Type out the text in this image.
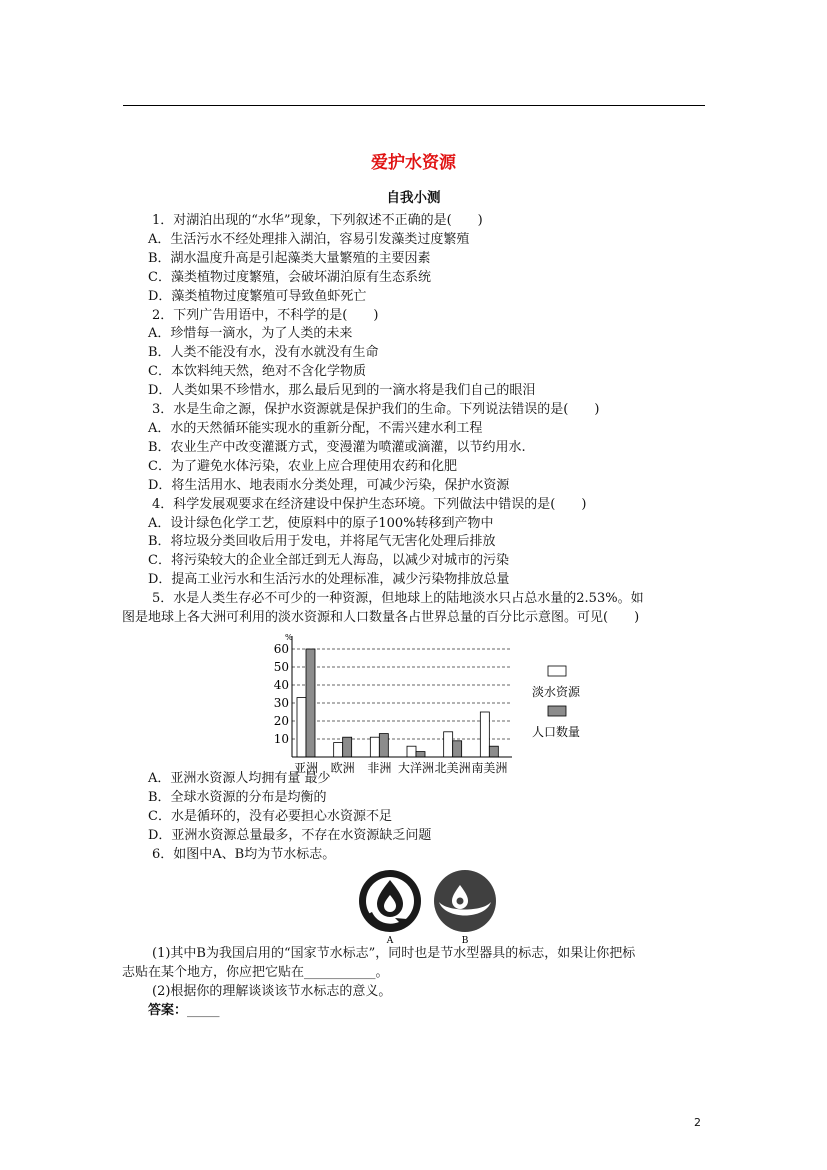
爱护水资源
自我小测
1．对湖泊出现的“水华”现象，下列叙述不正确的是(　　)
A．生活污水不经处理排入湖泊，容易引发藻类过度繁殖
B．湖水温度升高是引起藻类大量繁殖的主要因素
C．藻类植物过度繁殖，会破坏湖泊原有生态系统
D．藻类植物过度繁殖可导致鱼虾死亡
2．下列广告用语中，不科学的是(　　)
A．珍惜每一滴水，为了人类的未来
B．人类不能没有水，没有水就没有生命
C．本饮料纯天然，绝对不含化学物质
D．人类如果不珍惜水，那么最后见到的一滴水将是我们自己的眼泪
3．水是生命之源，保护水资源就是保护我们的生命。下列说法错误的是(　　)
A．水的天然循环能实现水的重新分配，不需兴建水利工程
B．农业生产中改变灌溉方式，变漫灌为喷灌或滴灌，以节约用水.
C．为了避免水体污染，农业上应合理使用农药和化肥
D．将生活用水、地表雨水分类处理，可减少污染，保护水资源
4．科学发展观要求在经济建设中保护生态环境。下列做法中错误的是(　　)
A．设计绿色化学工艺，使原料中的原子100%转移到产物中
B．将垃圾分类回收后用于发电，并将尾气无害化处理后排放
C．将污染较大的企业全部迁到无人海岛，以减少对城市的污染
D．提高工业污水和生活污水的处理标准，减少污染物排放总量
5．水是人类生存必不可少的一种资源，但地球上的陆地淡水只占总水量的2.53%。如
图是地球上各大洲可利用的淡水资源和人口数量各占世界总量的百分比示意图。可见(　　)
10
20
30
40
50
60
%
亚洲 欧洲 非洲 大洋洲 北美洲 南美洲
淡水资源
人口数量
A．亚洲水资源人均拥有量 最少
B．全球水资源的分布是均衡的
C．水是循环的，没有必要担心水资源不足
D．亚洲水资源总量最多，不存在水资源缺乏问题
6．如图中A、B均为节水标志。
A	B
(1)其中B为我国启用的“国家节水标志”，同时也是节水型器具的标志，如果让你把标
志贴在某个地方，你应把它贴在___________。
(2)根据你的理解谈谈该节水标志的意义。
答案：_____
2
